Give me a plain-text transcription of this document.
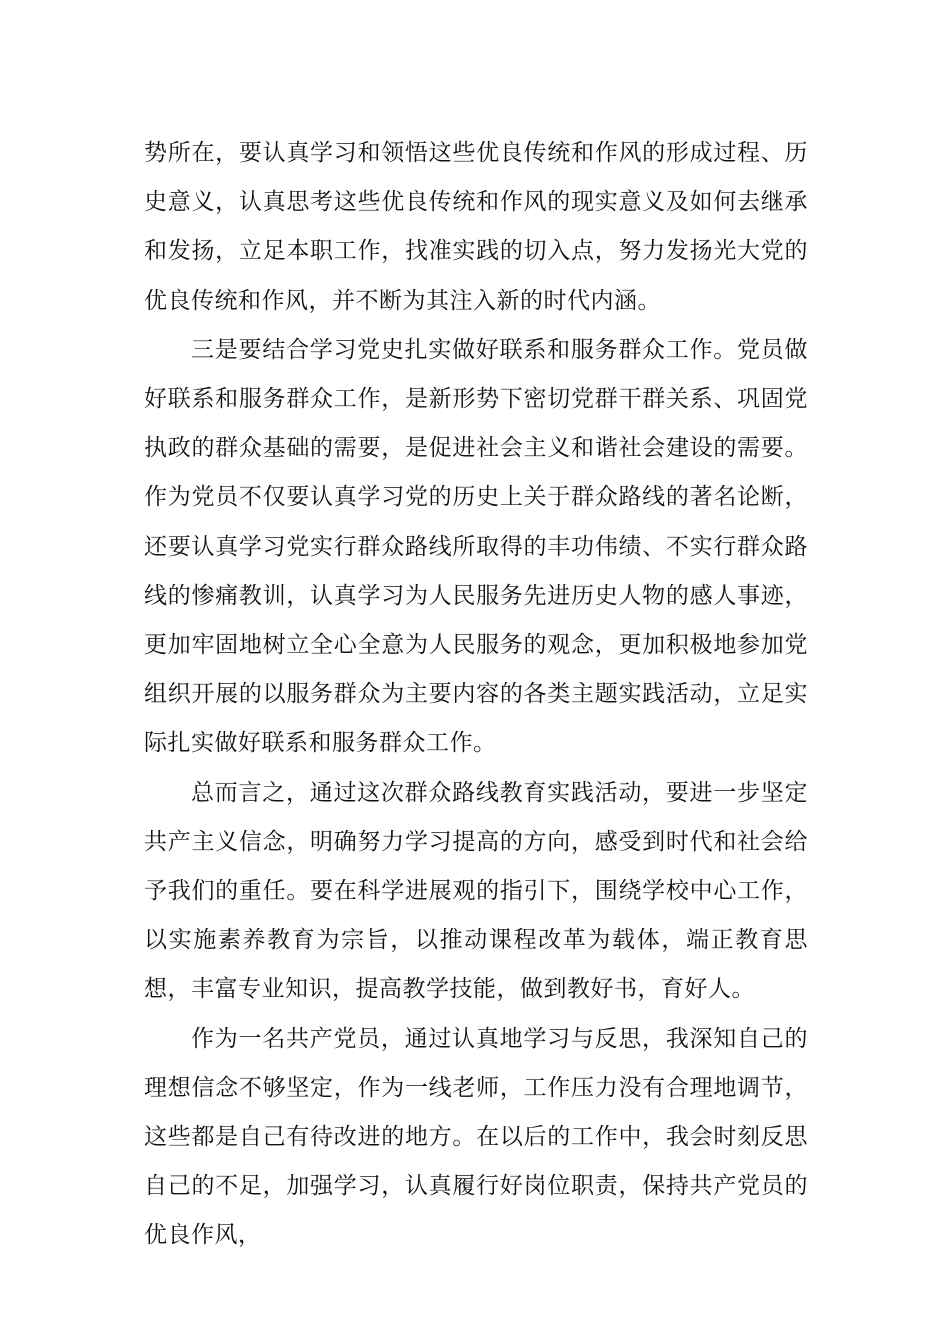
势所在，要认真学习和领悟这些优良传统和作风的形成过程、历史意义，认真思考这些优良传统和作风的现实意义及如何去继承和发扬，立足本职工作，找准实践的切入点，努力发扬光大党的优良传统和作风，并不断为其注入新的时代内涵。

三是要结合学习党史扎实做好联系和服务群众工作。党员做好联系和服务群众工作，是新形势下密切党群干群关系、巩固党执政的群众基础的需要，是促进社会主义和谐社会建设的需要。作为党员不仅要认真学习党的历史上关于群众路线的著名论断，还要认真学习党实行群众路线所取得的丰功伟绩、不实行群众路线的惨痛教训，认真学习为人民服务先进历史人物的感人事迹，更加牢固地树立全心全意为人民服务的观念，更加积极地参加党组织开展的以服务群众为主要内容的各类主题实践活动，立足实际扎实做好联系和服务群众工作。

总而言之，通过这次群众路线教育实践活动，要进一步坚定共产主义信念，明确努力学习提高的方向，感受到时代和社会给予我们的重任。要在科学进展观的指引下，围绕学校中心工作，以实施素养教育为宗旨，以推动课程改革为载体，端正教育思想，丰富专业知识，提高教学技能，做到教好书，育好人。

作为一名共产党员，通过认真地学习与反思，我深知自己的理想信念不够坚定，作为一线老师，工作压力没有合理地调节，这些都是自己有待改进的地方。在以后的工作中，我会时刻反思自己的不足，加强学习，认真履行好岗位职责，保持共产党员的优良作风，
